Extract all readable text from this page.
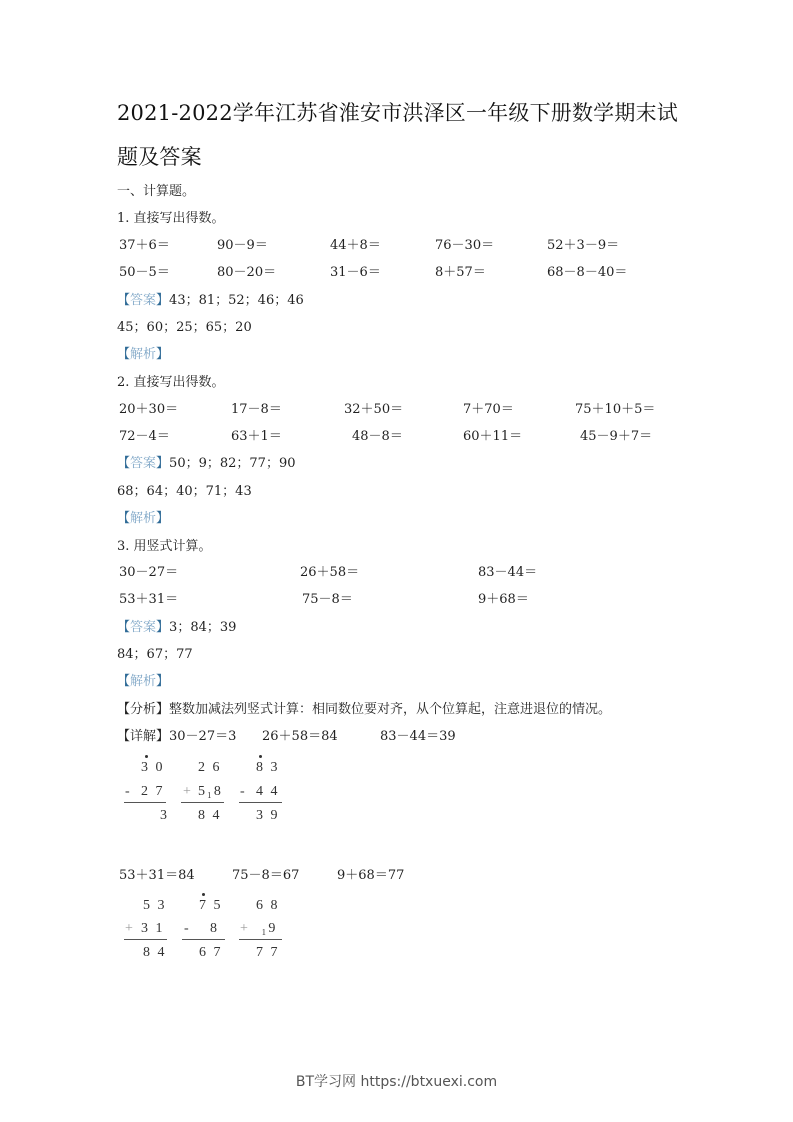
2021-2022学年江苏省淮安市洪泽区一年级下册数学期末试
题及答案
一、计算题。
1. 直接写出得数。
37＋6＝	90－9＝	44＋8＝	76－30＝	52＋3－9＝
50－5＝	80－20＝	31－6＝	8＋57＝	68－8－40＝
【答案】43；81；52；46；46
45；60；25；65；20
【解析】
2. 直接写出得数。
20＋30＝	17－8＝	32＋50＝	7＋70＝	75＋10＋5＝
72－4＝	63＋1＝	48－8＝	60＋11＝	45－9＋7＝
【答案】50；9；82；77；90
68；64；40；71；43
【解析】
3. 用竖式计算。
30－27＝	26＋58＝	83－44＝
53＋31＝	75－8＝	9＋68＝
【答案】3；84；39
84；67；77
【解析】
【分析】整数加减法列竖式计算：相同数位要对齐，从个位算起，注意进退位的情况。
【详解】30－27＝3 26＋58＝84	83－44＝39
3 0
- 2 7
3
2 6
+ 5₁8
8 4
8 3
- 4 4
3 9
53＋31＝84	75－8＝67	9＋68＝77
5 3
+ 3 1
8 4
7 5
- 8
6 7
6 8
+ ₁9
7 7
BT学习网 https://btxuexi.com
